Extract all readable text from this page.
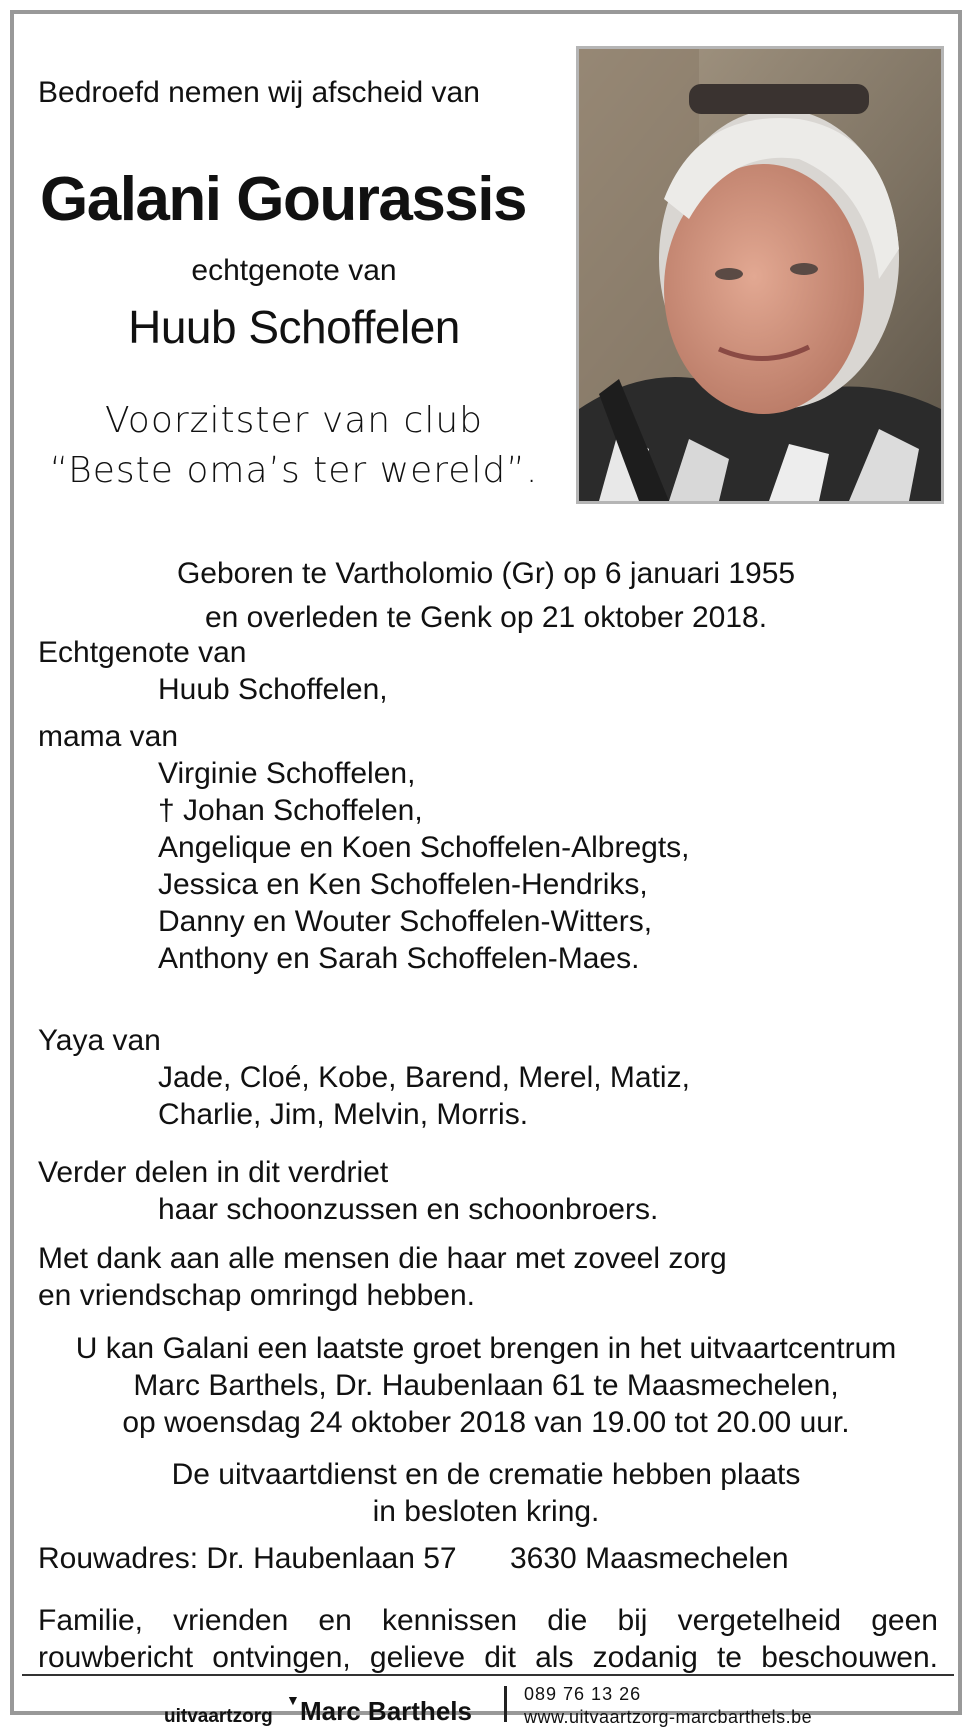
Bedroefd nemen wij afscheid van
Galani Gourassis
echtgenote van
Huub Schoffelen
Voorzitster van club
“Beste oma’s ter wereld”.
Geboren te Vartholomio (Gr) op 6 januari 1955
en overleden te Genk op 21 oktober 2018.
Echtgenote van
Huub Schoffelen,
mama van
Virginie Schoffelen,
† Johan Schoffelen,
Angelique en Koen Schoffelen-Albregts,
Jessica en Ken Schoffelen-Hendriks,
Danny en Wouter Schoffelen-Witters,
Anthony en Sarah Schoffelen-Maes.
Yaya van
Jade, Cloé, Kobe, Barend, Merel, Matiz,
Charlie, Jim, Melvin, Morris.
Verder delen in dit verdriet
haar schoonzussen en schoonbroers.
Met dank aan alle mensen die haar met zoveel zorg
en vriendschap omringd hebben.
U kan Galani een laatste groet brengen in het uitvaartcentrum
Marc Barthels, Dr. Haubenlaan 61 te Maasmechelen,
op woensdag 24 oktober 2018 van 19.00 tot 20.00 uur.
De uitvaartdienst en de crematie hebben plaats
in besloten kring.
Rouwadres: Dr. Haubenlaan 57 3630 Maasmechelen
Familie, vrienden en kennissen die bij vergetelheid geen rouwbericht ontvingen, gelieve dit als zodanig te beschouwen.
uitvaartzorg
▼ Marc Barthels
089 76 13 26
www.uitvaartzorg-marcbarthels.be
